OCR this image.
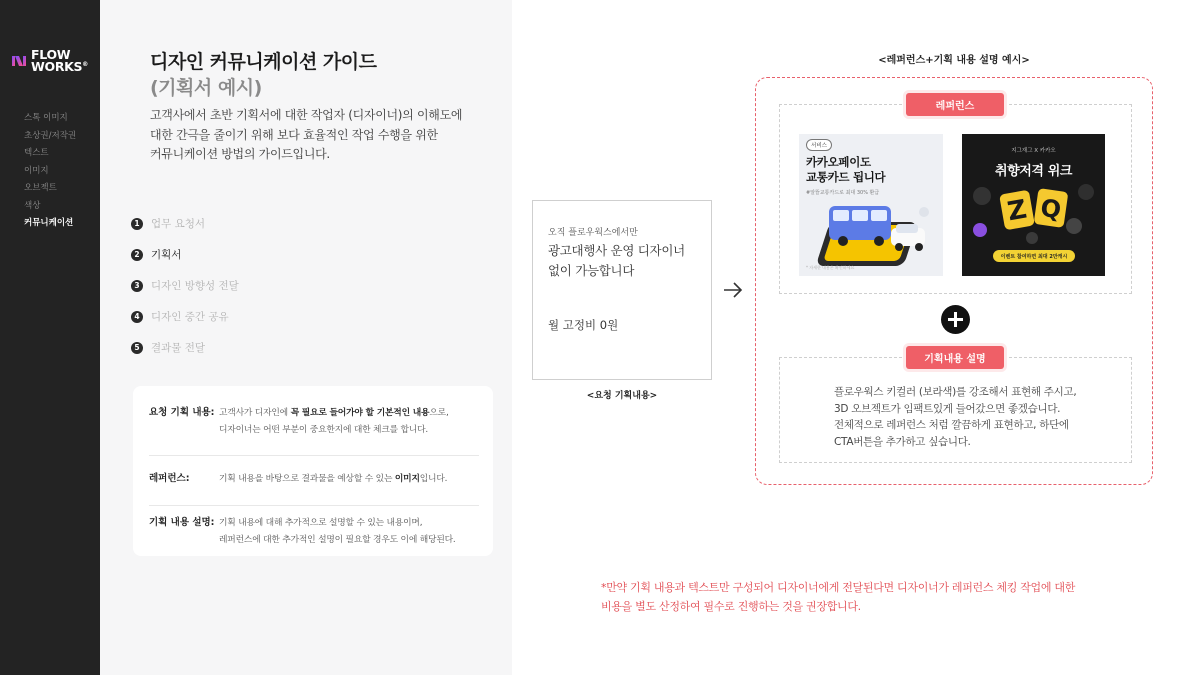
FLOW
WORKS®
스톡 이미지
초상권/저작권
텍스트
이미지
오브젝트
색상
커뮤니케이션
디자인 커뮤니케이션 가이드
(기획서 예시)
고객사에서 초반 기획서에 대한 작업자 (디자이너)의 이해도에
대한 간극을 줄이기 위해 보다 효율적인 작업 수행을 위한
커뮤니케이션 방법의 가이드입니다.
1	업무 요청서
2	기획서
3	디자인 방향성 전달
4	디자인 중간 공유
5	결과물 전달
요청 기획 내용: 고객사가 디자인에 꼭 필요로 들어가야 할 기본적인 내용으로,
디자이너는 어떤 부분이 중요한지에 대한 체크를 합니다.
레퍼런스:	기획 내용을 바탕으로 결과물을 예상할 수 있는 이미지입니다.
기획 내용 설명: 기획 내용에 대해 추가적으로 설명할 수 있는 내용이며,
레퍼런스에 대한 추가적인 설명이 필요할 경우도 이에 해당된다.
오직 플로우웍스에서만
광고대행사 운영 디자이너
없이 가능합니다
월 고정비 0원
<요청 기획내용>
<레퍼런스+기획 내용 설명 예시>
레퍼런스
기획내용 설명
서비스
카카오페이도
교통카드 됩니다
#알뜰교통카드로 최대 30% 환급
* 자세한 내용은 확인하세요
지그재그 X 카카오
취향저격 위크
Z Q
이벤트 참여하면 최대 2만캐시
플로우웍스 키컬러 (보라색)를 강조해서 표현해 주시고,
3D 오브젝트가 임팩트있게 들어갔으면 좋겠습니다.
전체적으로 레퍼런스 처럼 깔끔하게 표현하고, 하단에
CTA버튼을 추가하고 싶습니다.
*만약 기획 내용과 텍스트만 구성되어 디자이너에게 전달된다면 디자이너가 레퍼런스 체킹 작업에 대한
비용을 별도 산정하여 필수로 진행하는 것을 권장합니다.
